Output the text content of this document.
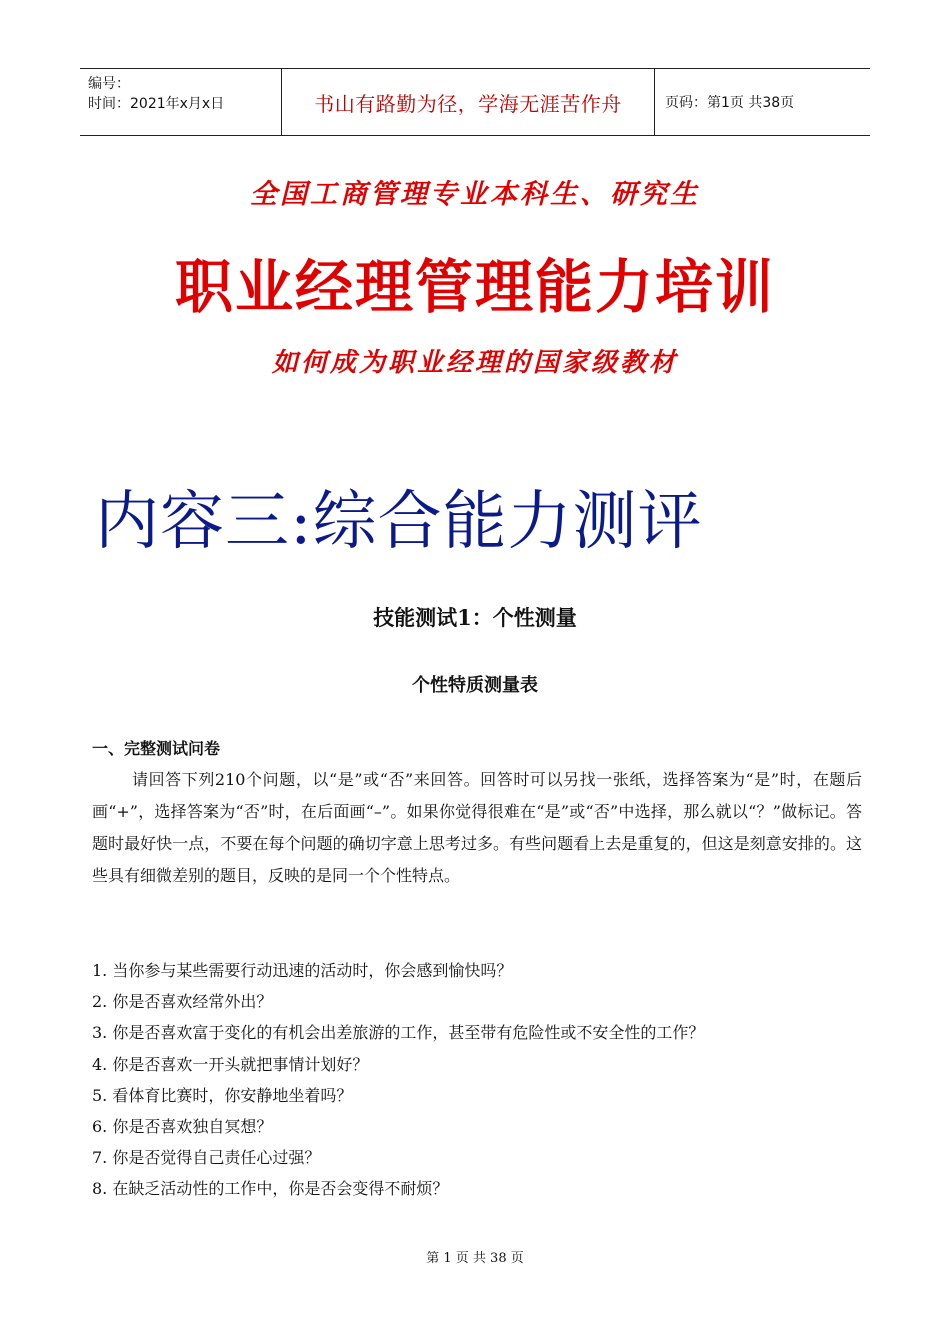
编号：
时间：2021年x月x日	书山有路勤为径，学海无涯苦作舟	页码：第1页 共38页
全国工商管理专业本科生、研究生
职业经理管理能力培训
如何成为职业经理的国家级教材
内容三:综合能力测评
技能测试1：个性测量
个性特质测量表
一、完整测试问卷
请回答下列210个问题，以“是”或“否”来回答。回答时可以另找一张纸，选择答案为“是”时，在题后画“+”，选择答案为“否”时，在后面画“–”。如果你觉得很难在“是”或“否”中选择，那么就以“？”做标记。答题时最好快一点，不要在每个问题的确切字意上思考过多。有些问题看上去是重复的，但这是刻意安排的。这些具有细微差别的题目，反映的是同一个个性特点。
1. 当你参与某些需要行动迅速的活动时，你会感到愉快吗？
2. 你是否喜欢经常外出？
3. 你是否喜欢富于变化的有机会出差旅游的工作，甚至带有危险性或不安全性的工作？
4. 你是否喜欢一开头就把事情计划好？
5. 看体育比赛时，你安静地坐着吗？
6. 你是否喜欢独自冥想？
7. 你是否觉得自己责任心过强？
8. 在缺乏活动性的工作中，你是否会变得不耐烦？
第 1 页 共 38 页
